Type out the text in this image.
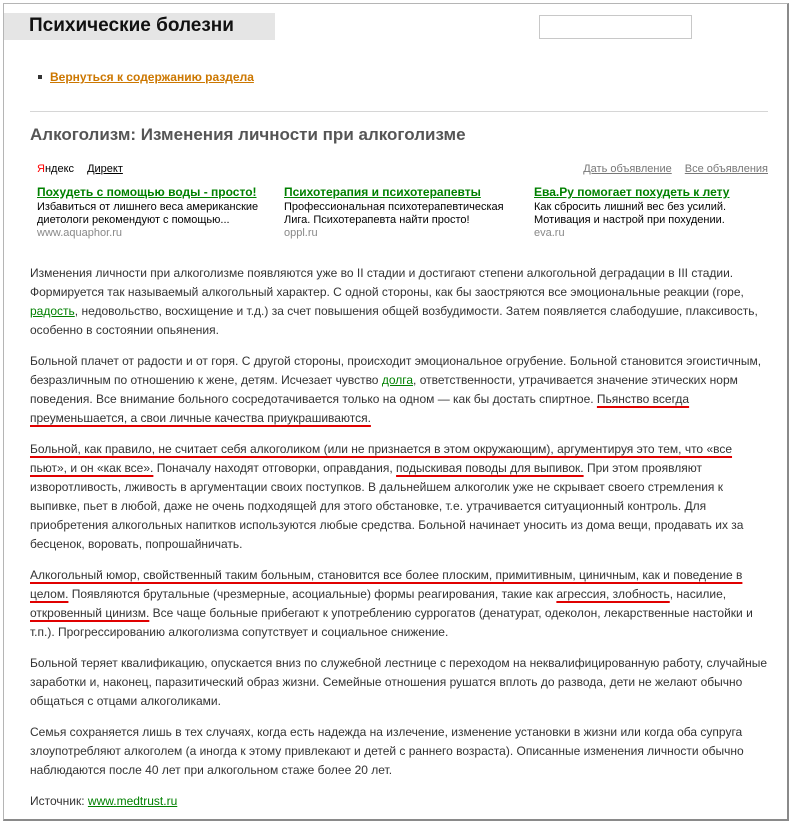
Психические болезни
Вернуться к содержанию раздела
Алкоголизм: Изменения личности при алкоголизме
Яндекс Директ	Дать объявление Все объявления
Похудеть с помощью воды - просто!
Избавиться от лишнего веса американские диетологи рекомендуют с помощью...
www.aquaphor.ru
Психотерапия и психотерапевты
Профессиональная психотерапевтическая Лига. Психотерапевта найти просто!
oppl.ru
Ева.Ру помогает похудеть к лету
Как сбросить лишний вес без усилий. Мотивация и настрой при похудении.
eva.ru

Изменения личности при алкоголизме появляются уже во II стадии и достигают степени алкогольной деградации в III стадии. Формируется так называемый алкогольный характер. С одной стороны, как бы заостряются все эмоциональные реакции (горе, радость, недовольство, восхищение и т.д.) за счет повышения общей возбудимости. Затем появляется слабодушие, плаксивость, особенно в состоянии опьянения.

Больной плачет от радости и от горя. С другой стороны, происходит эмоциональное огрубение. Больной становится эгоистичным, безразличным по отношению к жене, детям. Исчезает чувство долга, ответственности, утрачивается значение этических норм поведения. Все внимание больного сосредотачивается только на одном — как бы достать спиртное. Пьянство всегда преуменьшается, а свои личные качества приукрашиваются.

Больной, как правило, не считает себя алкоголиком (или не признается в этом окружающим), аргументируя это тем, что «все пьют», и он «как все». Поначалу находят отговорки, оправдания, подыскивая поводы для выпивок. При этом проявляют изворотливость, лживость в аргументации своих поступков. В дальнейшем алкоголик уже не скрывает своего стремления к выпивке, пьет в любой, даже не очень подходящей для этого обстановке, т.е. утрачивается ситуационный контроль. Для приобретения алкогольных напитков используются любые средства. Больной начинает уносить из дома вещи, продавать их за бесценок, воровать, попрошайничать.

Алкогольный юмор, свойственный таким больным, становится все более плоским, примитивным, циничным, как и поведение в целом. Появляются брутальные (чрезмерные, асоциальные) формы реагирования, такие как агрессия, злобность, насилие, откровенный цинизм. Все чаще больные прибегают к употреблению суррогатов (денатурат, одеколон, лекарственные настойки и т.п.). Прогрессированию алкоголизма сопутствует и социальное снижение.

Больной теряет квалификацию, опускается вниз по служебной лестнице с переходом на неквалифицированную работу, случайные заработки и, наконец, паразитический образ жизни. Семейные отношения рушатся вплоть до развода, дети не желают обычно общаться с отцами алкоголиками.

Семья сохраняется лишь в тех случаях, когда есть надежда на излечение, изменение установки в жизни или когда оба супруга злоупотребляют алкоголем (а иногда к этому привлекают и детей с раннего возраста). Описанные изменения личности обычно наблюдаются после 40 лет при алкогольном стаже более 20 лет.

Источник: www.medtrust.ru
